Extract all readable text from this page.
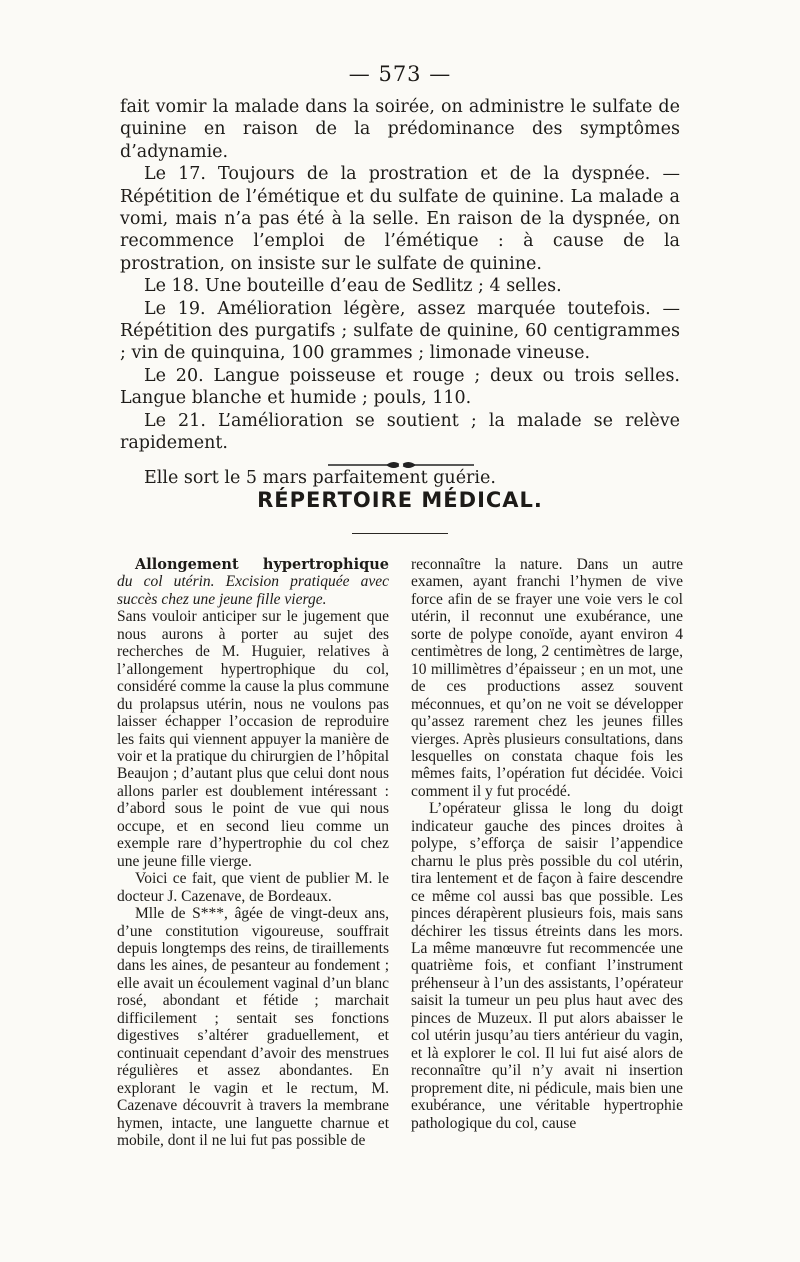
— 573 —

fait vomir la malade dans la soirée, on administre le sulfate de quinine en raison de la prédominance des symptômes d’adynamie.

Le 17. Toujours de la prostration et de la dyspnée. — Répétition de l’émétique et du sulfate de quinine. La malade a vomi, mais n’a pas été à la selle. En raison de la dyspnée, on recommence l’emploi de l’émétique : à cause de la prostration, on insiste sur le sulfate de quinine.

Le 18. Une bouteille d’eau de Sedlitz ; 4 selles.

Le 19. Amélioration légère, assez marquée toutefois. — Répétition des purgatifs ; sulfate de quinine, 60 centigrammes ; vin de quinquina, 100 grammes ; limonade vineuse.

Le 20. Langue poisseuse et rouge ; deux ou trois selles. Langue blanche et humide ; pouls, 110.

Le 21. L’amélioration se soutient ; la malade se relève rapidement.

Elle sort le 5 mars parfaitement guérie.

RÉPERTOIRE MÉDICAL.

Allongement hypertrophique du col utérin. Excision pratiquée avec succès chez une jeune fille vierge.

Sans vouloir anticiper sur le jugement que nous aurons à porter au sujet des recherches de M. Huguier, relatives à l’allongement hypertrophique du col, considéré comme la cause la plus commune du prolapsus utérin, nous ne voulons pas laisser échapper l’occasion de reproduire les faits qui viennent appuyer la manière de voir et la pratique du chirurgien de l’hôpital Beaujon ; d’autant plus que celui dont nous allons parler est doublement intéressant : d’abord sous le point de vue qui nous occupe, et en second lieu comme un exemple rare d’hypertrophie du col chez une jeune fille vierge.

Voici ce fait, que vient de publier M. le docteur J. Cazenave, de Bordeaux.

Mlle de S***, âgée de vingt-deux ans, d’une constitution vigoureuse, souffrait depuis longtemps des reins, de tiraillements dans les aines, de pesanteur au fondement ; elle avait un écoulement vaginal d’un blanc rosé, abondant et fétide ; marchait difficilement ; sentait ses fonctions digestives s’altérer graduellement, et continuait cependant d’avoir des menstrues régulières et assez abondantes. En explorant le vagin et le rectum, M. Cazenave découvrit à travers la membrane hymen, intacte, une languette charnue et mobile, dont il ne lui fut pas possible de

reconnaître la nature. Dans un autre examen, ayant franchi l’hymen de vive force afin de se frayer une voie vers le col utérin, il reconnut une exubérance, une sorte de polype conoïde, ayant environ 4 centimètres de long, 2 centimètres de large, 10 millimètres d’épaisseur ; en un mot, une de ces productions assez souvent méconnues, et qu’on ne voit se développer qu’assez rarement chez les jeunes filles vierges. Après plusieurs consultations, dans lesquelles on constata chaque fois les mêmes faits, l’opération fut décidée. Voici comment il y fut procédé.

L’opérateur glissa le long du doigt indicateur gauche des pinces droites à polype, s’efforça de saisir l’appendice charnu le plus près possible du col utérin, tira lentement et de façon à faire descendre ce même col aussi bas que possible. Les pinces dérapèrent plusieurs fois, mais sans déchirer les tissus étreints dans les mors. La même manœuvre fut recommencée une quatrième fois, et confiant l’instrument préhenseur à l’un des assistants, l’opérateur saisit la tumeur un peu plus haut avec des pinces de Muzeux. Il put alors abaisser le col utérin jusqu’au tiers antérieur du vagin, et là explorer le col. Il lui fut aisé alors de reconnaître qu’il n’y avait ni insertion proprement dite, ni pédicule, mais bien une exubérance, une véritable hypertrophie pathologique du col, cause
